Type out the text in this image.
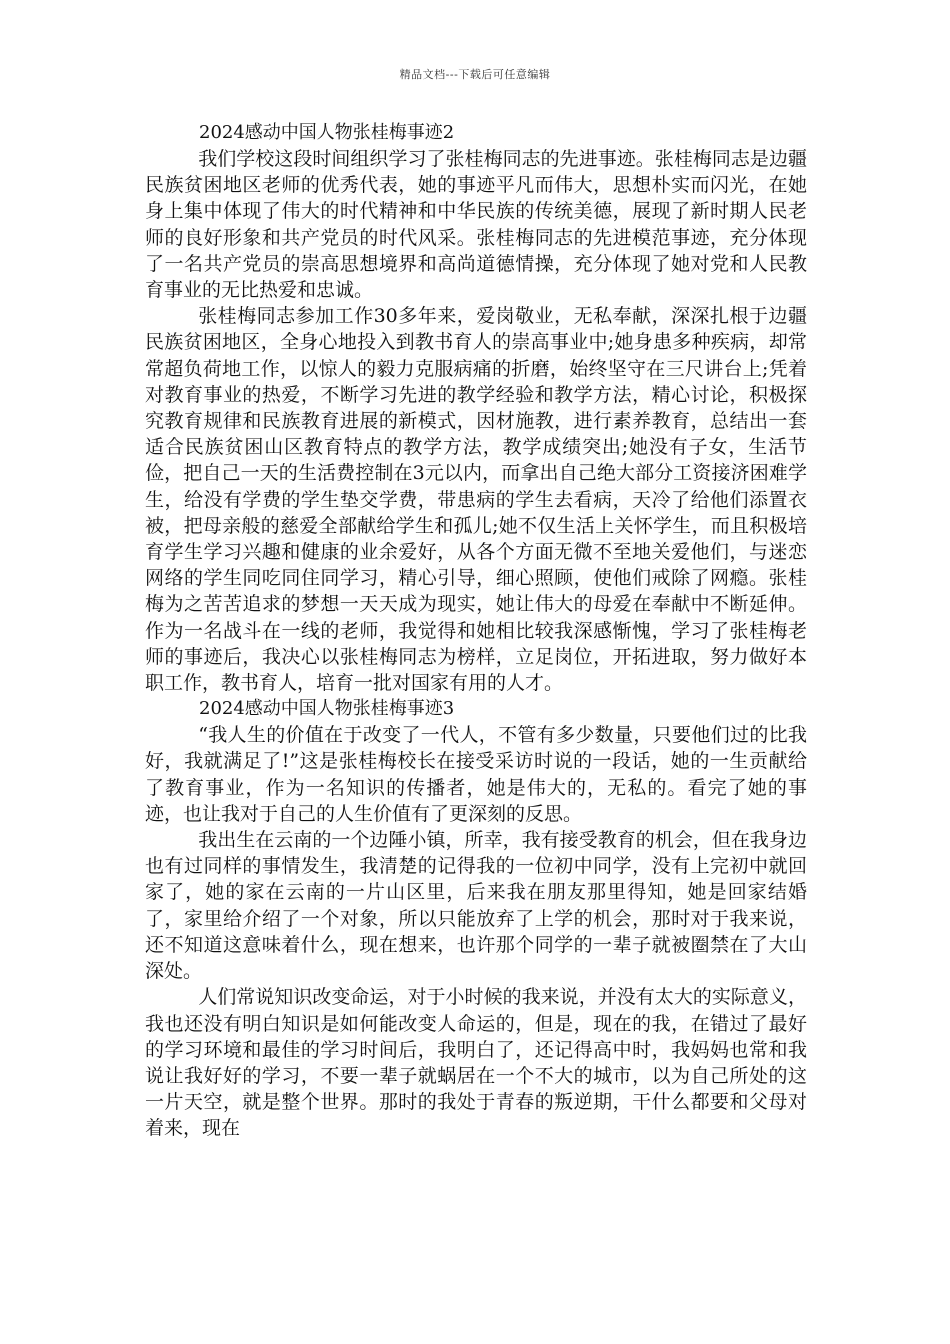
精品文档---下载后可任意编辑
2024感动中国人物张桂梅事迹2

我们学校这段时间组织学习了张桂梅同志的先进事迹。张桂梅同志是边疆民族贫困地区老师的优秀代表，她的事迹平凡而伟大，思想朴实而闪光，在她身上集中体现了伟大的时代精神和中华民族的传统美德，展现了新时期人民老师的良好形象和共产党员的时代风采。张桂梅同志的先进模范事迹，充分体现了一名共产党员的崇高思想境界和高尚道德情操，充分体现了她对党和人民教育事业的无比热爱和忠诚。

张桂梅同志参加工作30多年来，爱岗敬业，无私奉献，深深扎根于边疆民族贫困地区，全身心地投入到教书育人的崇高事业中;她身患多种疾病，却常常超负荷地工作，以惊人的毅力克服病痛的折磨，始终坚守在三尺讲台上;凭着对教育事业的热爱，不断学习先进的教学经验和教学方法，精心讨论，积极探究教育规律和民族教育进展的新模式，因材施教，进行素养教育，总结出一套适合民族贫困山区教育特点的教学方法，教学成绩突出;她没有子女，生活节俭，把自己一天的生活费控制在3元以内，而拿出自己绝大部分工资接济困难学生，给没有学费的学生垫交学费，带患病的学生去看病，天冷了给他们添置衣被，把母亲般的慈爱全部献给学生和孤儿;她不仅生活上关怀学生，而且积极培育学生学习兴趣和健康的业余爱好，从各个方面无微不至地关爱他们，与迷恋网络的学生同吃同住同学习，精心引导，细心照顾，使他们戒除了网瘾。张桂梅为之苦苦追求的梦想一天天成为现实，她让伟大的母爱在奉献中不断延伸。作为一名战斗在一线的老师，我觉得和她相比较我深感惭愧，学习了张桂梅老师的事迹后，我决心以张桂梅同志为榜样，立足岗位，开拓进取，努力做好本职工作，教书育人，培育一批对国家有用的人才。

2024感动中国人物张桂梅事迹3

“我人生的价值在于改变了一代人，不管有多少数量，只要他们过的比我好，我就满足了!”这是张桂梅校长在接受采访时说的一段话，她的一生贡献给了教育事业，作为一名知识的传播者，她是伟大的，无私的。看完了她的事迹，也让我对于自己的人生价值有了更深刻的反思。

我出生在云南的一个边陲小镇，所幸，我有接受教育的机会，但在我身边也有过同样的事情发生，我清楚的记得我的一位初中同学，没有上完初中就回家了，她的家在云南的一片山区里，后来我在朋友那里得知，她是回家结婚了，家里给介绍了一个对象，所以只能放弃了上学的机会，那时对于我来说，还不知道这意味着什么，现在想来，也许那个同学的一辈子就被圈禁在了大山深处。

人们常说知识改变命运，对于小时候的我来说，并没有太大的实际意义，我也还没有明白知识是如何能改变人命运的，但是，现在的我，在错过了最好的学习环境和最佳的学习时间后，我明白了，还记得高中时，我妈妈也常和我说让我好好的学习，不要一辈子就蜗居在一个不大的城市，以为自己所处的这一片天空，就是整个世界。那时的我处于青春的叛逆期，干什么都要和父母对着来，现在
